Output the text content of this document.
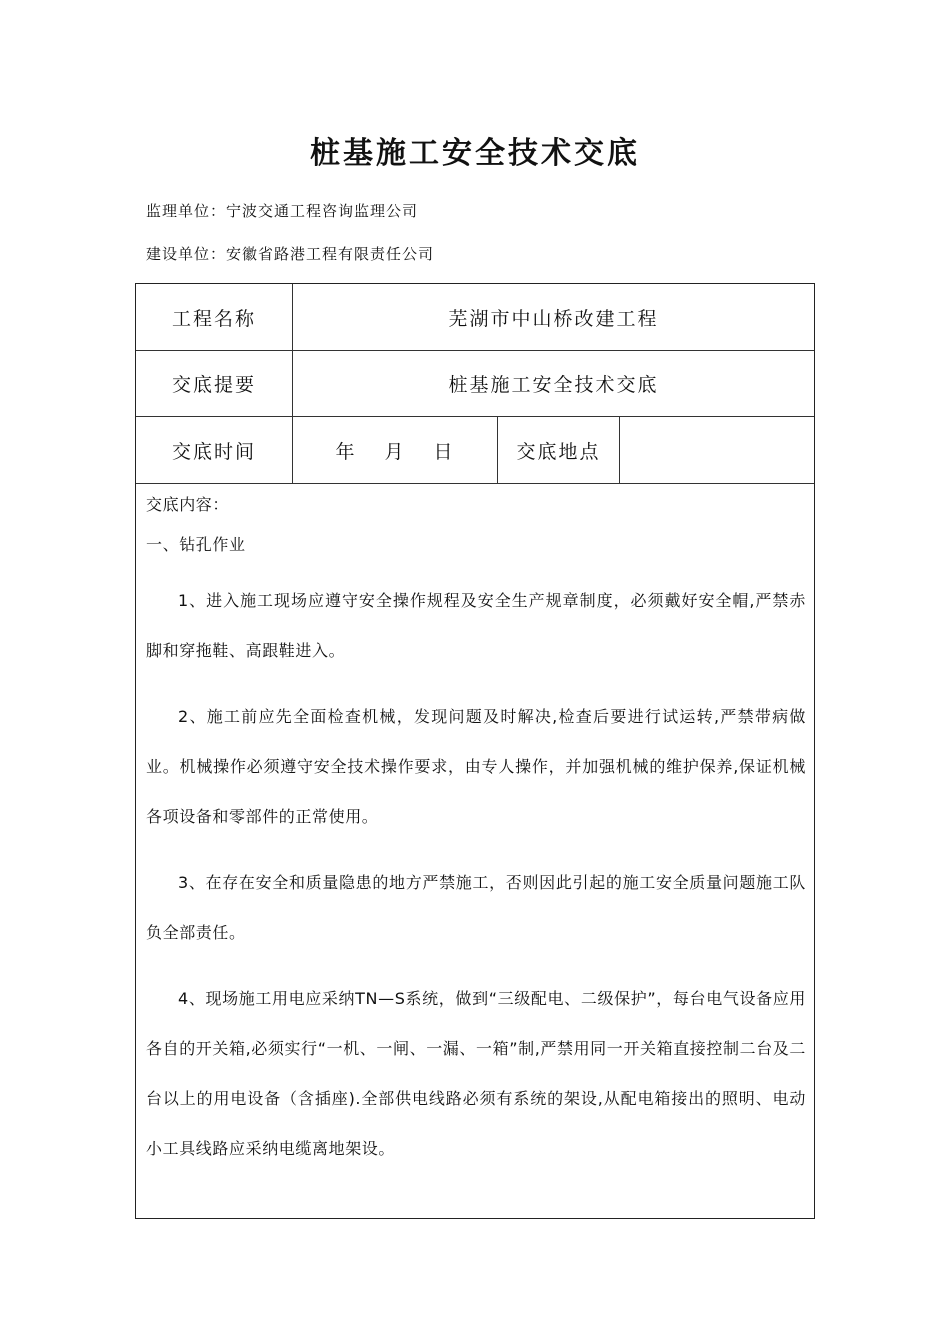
桩基施工安全技术交底
监理单位：宁波交通工程咨询监理公司
建设单位：安徽省路港工程有限责任公司
工程名称	芜湖市中山桥改建工程
交底提要	桩基施工安全技术交底
交底时间	年 月 日	交底地点
交底内容：
一、钻孔作业

1、进入施工现场应遵守安全操作规程及安全生产规章制度，必须戴好安全帽,严禁赤脚和穿拖鞋、高跟鞋进入。

2、施工前应先全面检查机械，发现问题及时解决,检查后要进行试运转,严禁带病做业。机械操作必须遵守安全技术操作要求，由专人操作，并加强机械的维护保养,保证机械各项设备和零部件的正常使用。

3、在存在安全和质量隐患的地方严禁施工，否则因此引起的施工安全质量问题施工队负全部责任。

4、现场施工用电应采纳TN—S系统，做到“三级配电、二级保护”，每台电气设备应用各自的开关箱,必须实行“一机、一闸、一漏、一箱”制,严禁用同一开关箱直接控制二台及二台以上的用电设备（含插座).全部供电线路必须有系统的架设,从配电箱接出的照明、电动小工具线路应采纳电缆离地架设。
